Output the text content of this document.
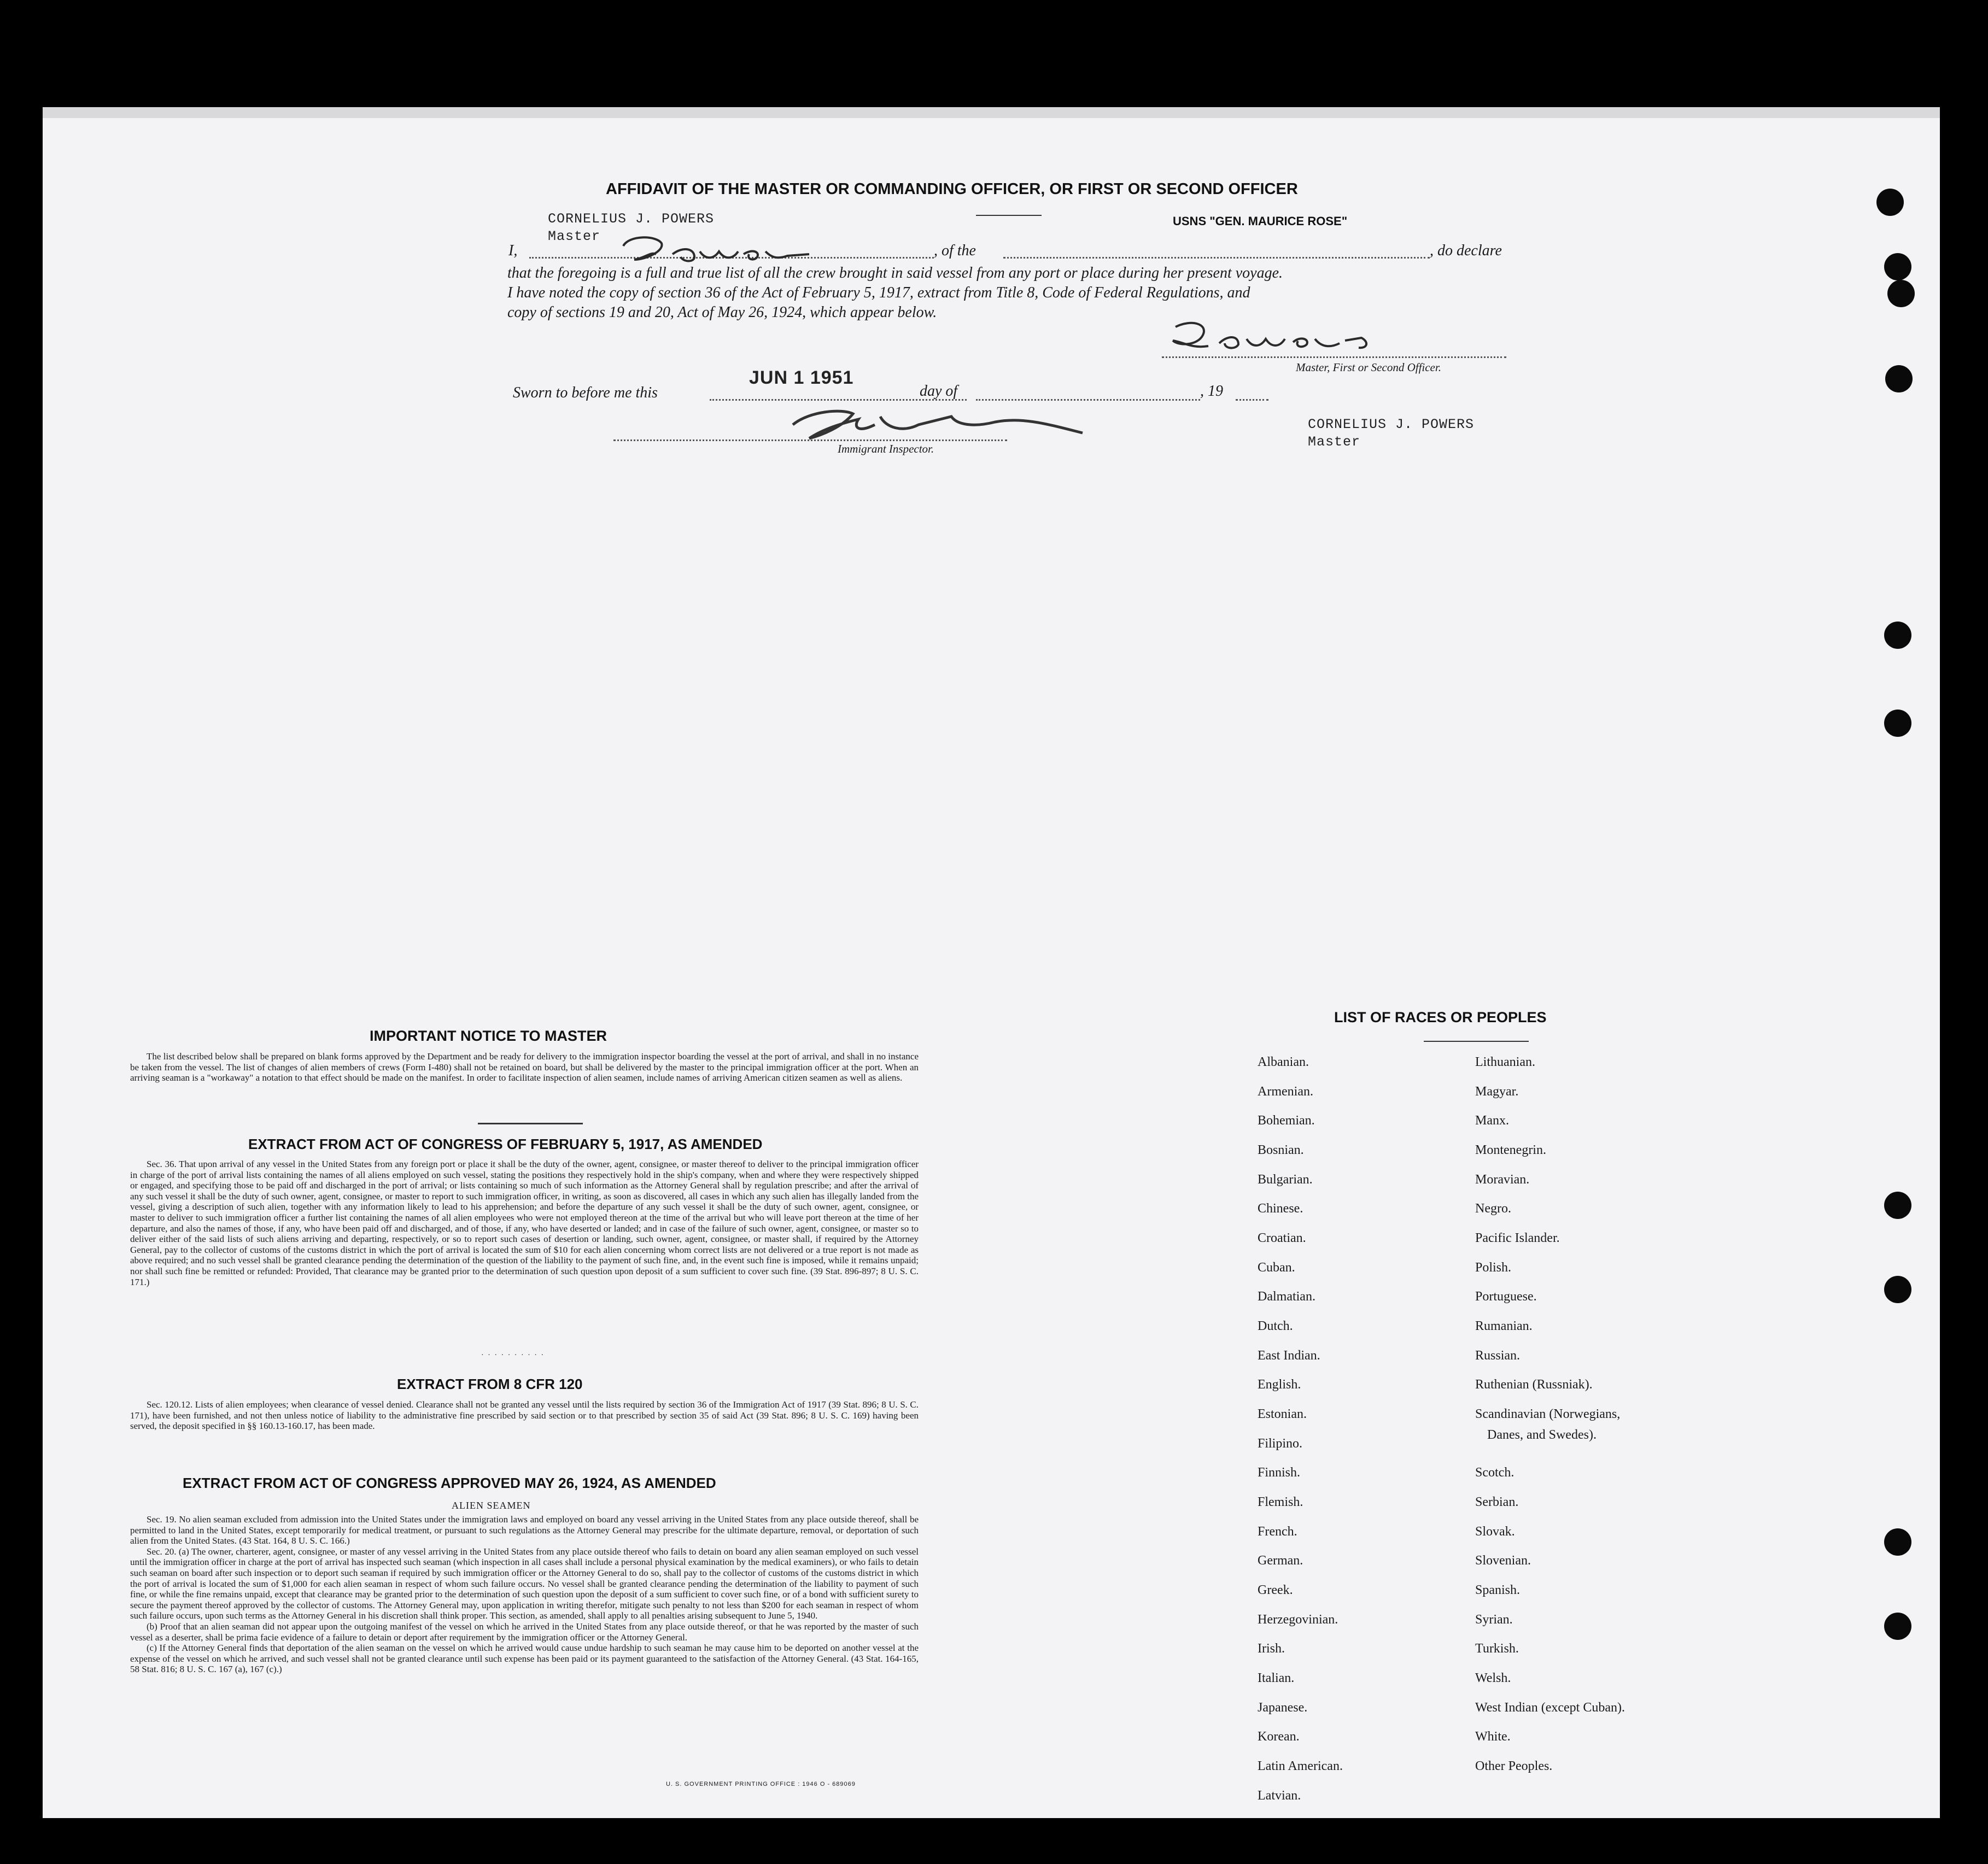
AFFIDAVIT OF THE MASTER OR COMMANDING OFFICER, OR FIRST OR SECOND OFFICER
CORNELIUS J. POWERS
Master
USNS "GEN. MAURICE ROSE"
I,	, of the	, do declare
that the foregoing is a full and true list of all the crew brought in said vessel from any port or place during her present voyage.
I have noted the copy of section 36 of the Act of February 5, 1917, extract from Title 8, Code of Federal Regulations, and
copy of sections 19 and 20, Act of May 26, 1924, which appear below.
Master, First or Second Officer.
Sworn to before me this
JUN 1 1951
day of	, 19
Immigrant Inspector.
CORNELIUS J. POWERS
Master
IMPORTANT NOTICE TO MASTER

The list described below shall be prepared on blank forms approved by the Department and be ready for delivery to the immigration inspector boarding the vessel at the port of arrival, and shall in no instance be taken from the vessel. The list of changes of alien members of crews (Form I-480) shall not be retained on board, but shall be delivered by the master to the principal immigration officer at the port. When an arriving seaman is a "workaway" a notation to that effect should be made on the manifest. In order to facilitate inspection of alien seamen, include names of arriving American citizen seamen as well as aliens.

EXTRACT FROM ACT OF CONGRESS OF FEBRUARY 5, 1917, AS AMENDED

Sec. 36. That upon arrival of any vessel in the United States from any foreign port or place it shall be the duty of the owner, agent, consignee, or master thereof to deliver to the principal immigration officer in charge of the port of arrival lists containing the names of all aliens employed on such vessel, stating the positions they respectively hold in the ship's company, when and where they were respectively shipped or engaged, and specifying those to be paid off and discharged in the port of arrival; or lists containing so much of such information as the Attorney General shall by regulation prescribe; and after the arrival of any such vessel it shall be the duty of such owner, agent, consignee, or master to report to such immigration officer, in writing, as soon as discovered, all cases in which any such alien has illegally landed from the vessel, giving a description of such alien, together with any information likely to lead to his apprehension; and before the departure of any such vessel it shall be the duty of such owner, agent, consignee, or master to deliver to such immigration officer a further list containing the names of all alien employees who were not employed thereon at the time of the arrival but who will leave port thereon at the time of her departure, and also the names of those, if any, who have been paid off and discharged, and of those, if any, who have deserted or landed; and in case of the failure of such owner, agent, consignee, or master so to deliver either of the said lists of such aliens arriving and departing, respectively, or so to report such cases of desertion or landing, such owner, agent, consignee, or master shall, if required by the Attorney General, pay to the collector of customs of the customs district in which the port of arrival is located the sum of $10 for each alien concerning whom correct lists are not delivered or a true report is not made as above required; and no such vessel shall be granted clearance pending the determination of the question of the liability to the payment of such fine, and, in the event such fine is imposed, while it remains unpaid; nor shall such fine be remitted or refunded: Provided, That clearance may be granted prior to the determination of such question upon deposit of a sum sufficient to cover such fine. (39 Stat. 896-897; 8 U. S. C. 171.)

· · · · · · · · · ·
EXTRACT FROM 8 CFR 120

Sec. 120.12. Lists of alien employees; when clearance of vessel denied. Clearance shall not be granted any vessel until the lists required by section 36 of the Immigration Act of 1917 (39 Stat. 896; 8 U. S. C. 171), have been furnished, and not then unless notice of liability to the administrative fine prescribed by said section or to that prescribed by section 35 of said Act (39 Stat. 896; 8 U. S. C. 169) having been served, the deposit specified in §§ 160.13-160.17, has been made.

EXTRACT FROM ACT OF CONGRESS APPROVED MAY 26, 1924, AS AMENDED
ALIEN SEAMEN

Sec. 19. No alien seaman excluded from admission into the United States under the immigration laws and employed on board any vessel arriving in the United States from any place outside thereof, shall be permitted to land in the United States, except temporarily for medical treatment, or pursuant to such regulations as the Attorney General may prescribe for the ultimate departure, removal, or deportation of such alien from the United States. (43 Stat. 164, 8 U. S. C. 166.)

Sec. 20. (a) The owner, charterer, agent, consignee, or master of any vessel arriving in the United States from any place outside thereof who fails to detain on board any alien seaman employed on such vessel until the immigration officer in charge at the port of arrival has inspected such seaman (which inspection in all cases shall include a personal physical examination by the medical examiners), or who fails to detain such seaman on board after such inspection or to deport such seaman if required by such immigration officer or the Attorney General to do so, shall pay to the collector of customs of the customs district in which the port of arrival is located the sum of $1,000 for each alien seaman in respect of whom such failure occurs. No vessel shall be granted clearance pending the determination of the liability to payment of such fine, or while the fine remains unpaid, except that clearance may be granted prior to the determination of such question upon the deposit of a sum sufficient to cover such fine, or of a bond with sufficient surety to secure the payment thereof approved by the collector of customs. The Attorney General may, upon application in writing therefor, mitigate such penalty to not less than $200 for each seaman in respect of whom such failure occurs, upon such terms as the Attorney General in his discretion shall think proper. This section, as amended, shall apply to all penalties arising subsequent to June 5, 1940.

(b) Proof that an alien seaman did not appear upon the outgoing manifest of the vessel on which he arrived in the United States from any place outside thereof, or that he was reported by the master of such vessel as a deserter, shall be prima facie evidence of a failure to detain or deport after requirement by the immigration officer or the Attorney General.

(c) If the Attorney General finds that deportation of the alien seaman on the vessel on which he arrived would cause undue hardship to such seaman he may cause him to be deported on another vessel at the expense of the vessel on which he arrived, and such vessel shall not be granted clearance until such expense has been paid or its payment guaranteed to the satisfaction of the Attorney General. (43 Stat. 164-165, 58 Stat. 816; 8 U. S. C. 167 (a), 167 (c).)

U. S. GOVERNMENT PRINTING OFFICE : 1946 O - 689069
LIST OF RACES OR PEOPLES
Albanian.
Armenian.
Bohemian.
Bosnian.
Bulgarian.
Chinese.
Croatian.
Cuban.
Dalmatian.
Dutch.
East Indian.
English.
Estonian.
Filipino.
Finnish.
Flemish.
French.
German.
Greek.
Herzegovinian.
Irish.
Italian.
Japanese.
Korean.
Latin American.
Latvian.
Lithuanian.
Magyar.
Manx.
Montenegrin.
Moravian.
Negro.
Pacific Islander.
Polish.
Portuguese.
Rumanian.
Russian.
Ruthenian (Russniak).
Scandinavian (Norwegians,
Danes, and Swedes).
Scotch.
Serbian.
Slovak.
Slovenian.
Spanish.
Syrian.
Turkish.
Welsh.
West Indian (except Cuban).
White.
Other Peoples.
